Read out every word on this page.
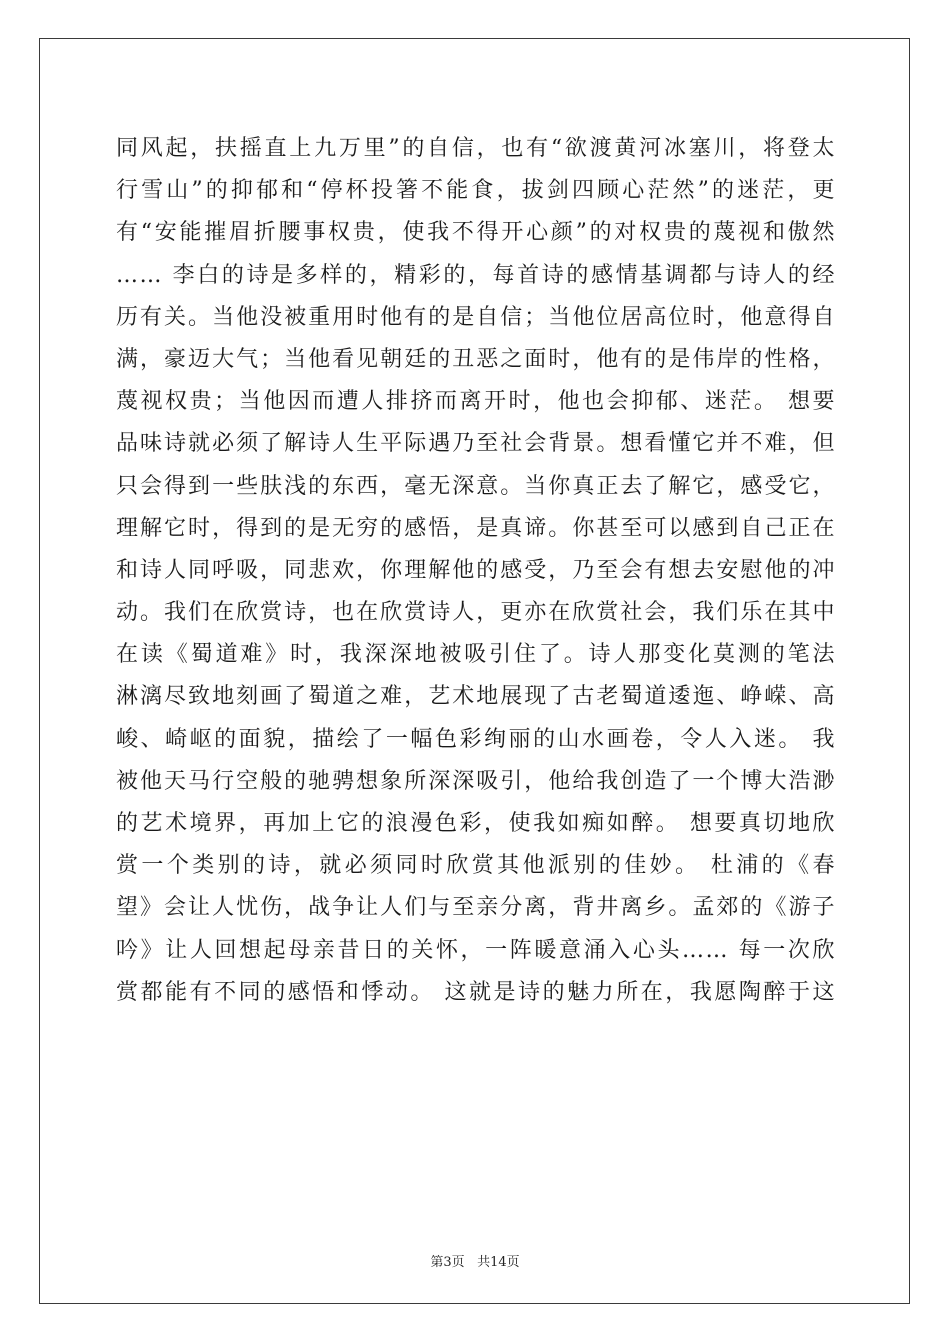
同风起，扶摇直上九万里”的自信，也有“欲渡黄河冰塞川，将登太
行雪山”的抑郁和“停杯投箸不能食，拔剑四顾心茫然”的迷茫，更
有“安能摧眉折腰事权贵，使我不得开心颜”的对权贵的蔑视和傲然
…… 李白的诗是多样的，精彩的，每首诗的感情基调都与诗人的经
历有关。当他没被重用时他有的是自信；当他位居高位时，他意得自
满，豪迈大气；当他看见朝廷的丑恶之面时，他有的是伟岸的性格，
蔑视权贵；当他因而遭人排挤而离开时，他也会抑郁、迷茫。 想要
品味诗就必须了解诗人生平际遇乃至社会背景。想看懂它并不难，但
只会得到一些肤浅的东西，毫无深意。当你真正去了解它，感受它，
理解它时，得到的是无穷的感悟，是真谛。你甚至可以感到自己正在
和诗人同呼吸，同悲欢，你理解他的感受，乃至会有想去安慰他的冲
动。我们在欣赏诗，也在欣赏诗人，更亦在欣赏社会，我们乐在其中
在读《蜀道难》时，我深深地被吸引住了。诗人那变化莫测的笔法
淋漓尽致地刻画了蜀道之难，艺术地展现了古老蜀道逶迤、峥嵘、高
峻、崎岖的面貌，描绘了一幅色彩绚丽的山水画卷，令人入迷。 我
被他天马行空般的驰骋想象所深深吸引，他给我创造了一个博大浩渺
的艺术境界，再加上它的浪漫色彩，使我如痴如醉。 想要真切地欣
赏一个类别的诗，就必须同时欣赏其他派别的佳妙。 杜浦的《春
望》会让人忧伤，战争让人们与至亲分离，背井离乡。孟郊的《游子
吟》让人回想起母亲昔日的关怀，一阵暖意涌入心头…… 每一次欣
赏都能有不同的感悟和悸动。 这就是诗的魅力所在，我愿陶醉于这
第3页 共14页
